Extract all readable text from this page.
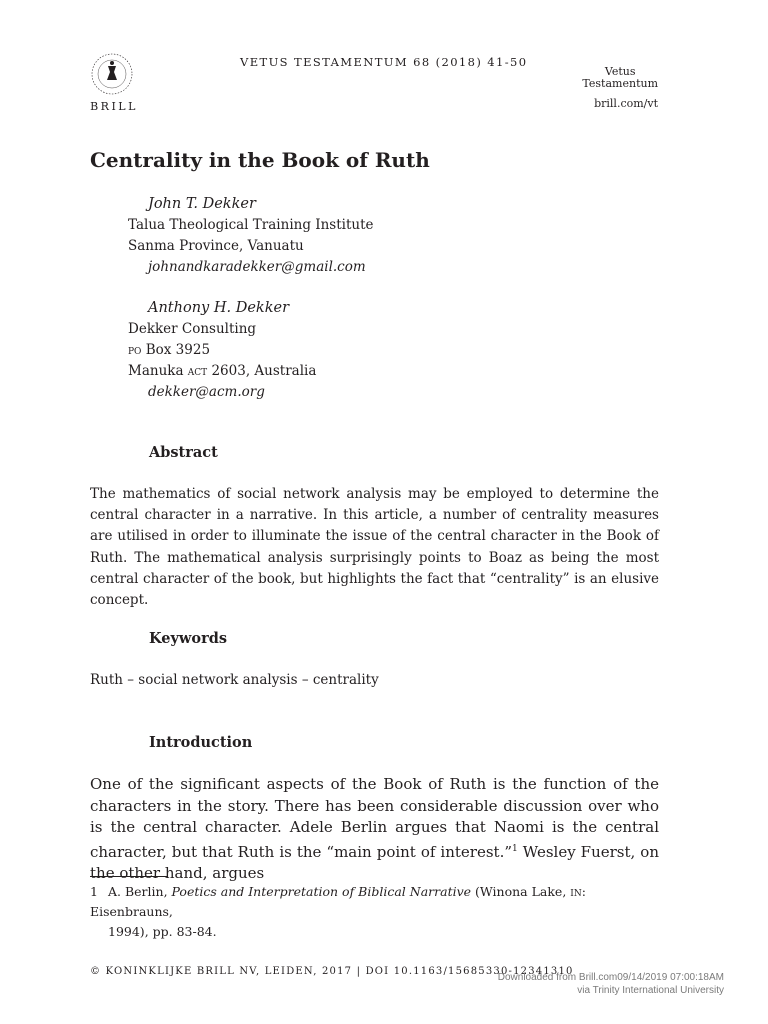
BRILL
VETUS TESTAMENTUM 68 (2018) 41-50
Vetus
Testamentum
brill.com/vt
Centrality in the Book of Ruth
John T. Dekker
Talua Theological Training Institute
Sanma Province, Vanuatu
johnandkaradekker@gmail.com
Anthony H. Dekker
Dekker Consulting
po Box 3925
Manuka act 2603, Australia
dekker@acm.org
Abstract
The mathematics of social network analysis may be employed to determine the central character in a narrative. In this article, a number of centrality measures are utilised in order to illuminate the issue of the central character in the Book of Ruth. The mathematical analysis surprisingly points to Boaz as being the most central character of the book, but highlights the fact that “centrality” is an elusive concept.
Keywords
Ruth – social network analysis – centrality
Introduction
One of the significant aspects of the Book of Ruth is the function of the characters in the story. There has been considerable discussion over who is the central character. Adele Berlin argues that Naomi is the central character, but that Ruth is the “main point of interest.”$^1$ Wesley Fuerst, on the other hand, argues
1 A. Berlin, Poetics and Interpretation of Biblical Narrative (Winona Lake, in: Eisenbrauns,
1994), pp. 83-84.
© KONINKLIJKE BRILL NV, LEIDEN, 2017 | DOI 10.1163/15685330-12341310
Downloaded from Brill.com09/14/2019 07:00:18AM
via Trinity International University
